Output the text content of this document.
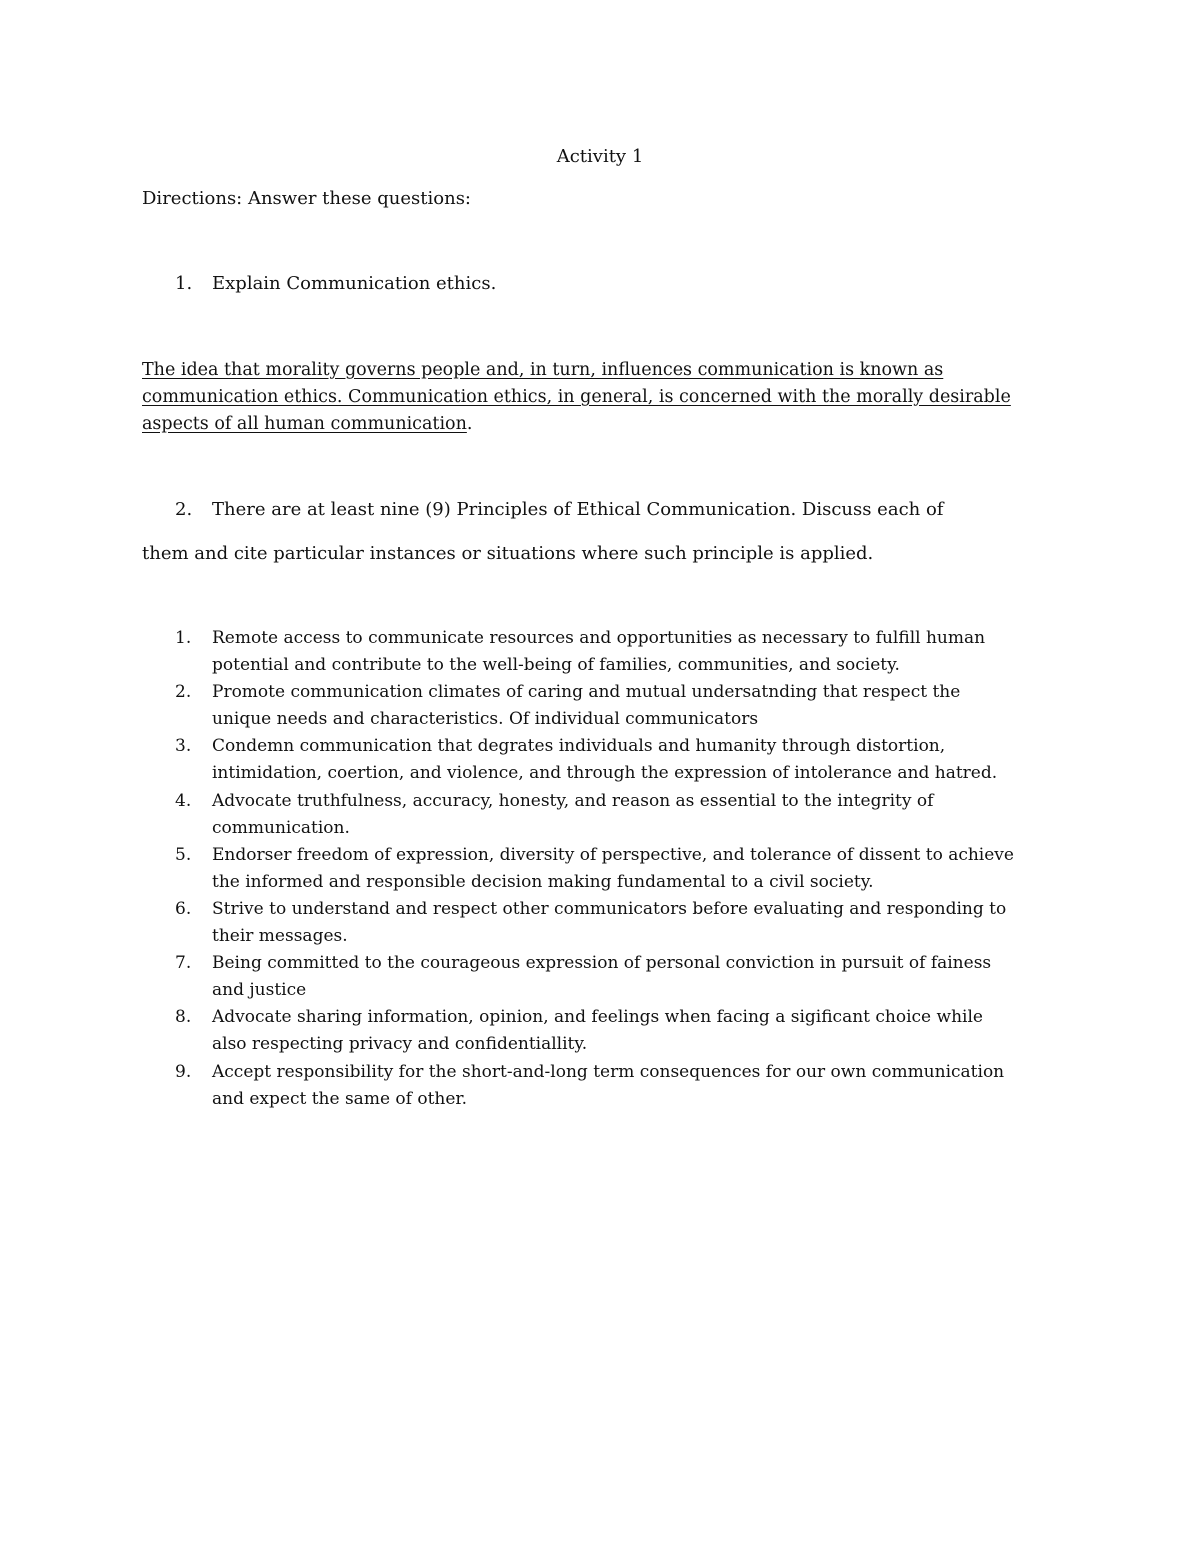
Activity 1
Directions: Answer these questions:
1. Explain Communication ethics.
The idea that morality governs people and, in turn, influences communication is known as
communication ethics. Communication ethics, in general, is concerned with the morally desirable
aspects of all human communication.
2. There are at least nine (9) Principles of Ethical Communication. Discuss each of
them and cite particular instances or situations where such principle is applied.
1. Remote access to communicate resources and opportunities as necessary to fulfill human
potential and contribute to the well-being of families, communities, and society.
2. Promote communication climates of caring and mutual undersatnding that respect the
unique needs and characteristics. Of individual communicators
3. Condemn communication that degrates individuals and humanity through distortion,
intimidation, coertion, and violence, and through the expression of intolerance and hatred.
4. Advocate truthfulness, accuracy, honesty, and reason as essential to the integrity of
communication.
5. Endorser freedom of expression, diversity of perspective, and tolerance of dissent to achieve
the informed and responsible decision making fundamental to a civil society.
6. Strive to understand and respect other communicators before evaluating and responding to
their messages.
7. Being committed to the courageous expression of personal conviction in pursuit of fainess
and justice
8. Advocate sharing information, opinion, and feelings when facing a sigificant choice while
also respecting privacy and confidentiallity.
9. Accept responsibility for the short-and-long term consequences for our own communication
and expect the same of other.
